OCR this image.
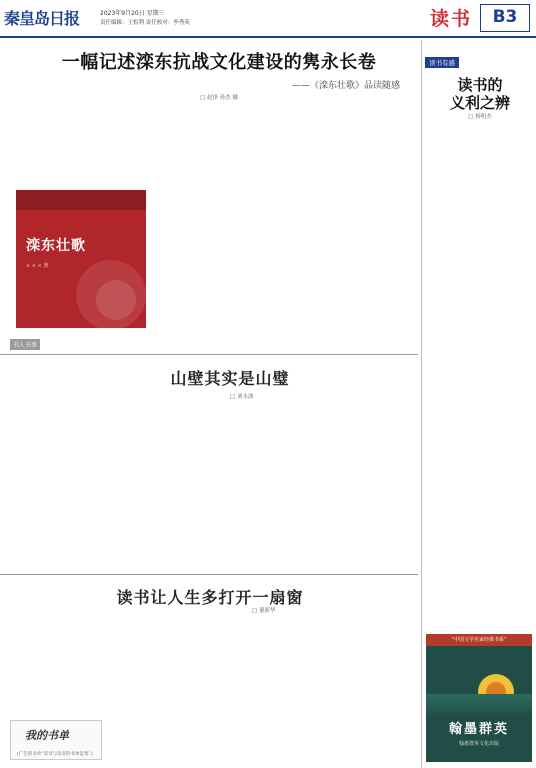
秦皇岛日报	2023年9月20日 星期三
责任编辑：王松利 责任校对：李秀英	读书	B3
一幅记述滦东抗战文化建设的隽永长卷
——《滦东壮歌》品读随感
□ 赵泽 孙杰 摄

滦东壮歌
× × × 著

书人书事
山壁其实是山璧
□ 刘永波

读书让人生多打开一扇窗
□ 董新华

我的书单
(广告的书单“读书与读者的书单征集”)
读书有感
读书的
义利之辨
□ 杨明杰

“中国文学名家经典书系”
翰墨群英
翰墨群英文化出版
